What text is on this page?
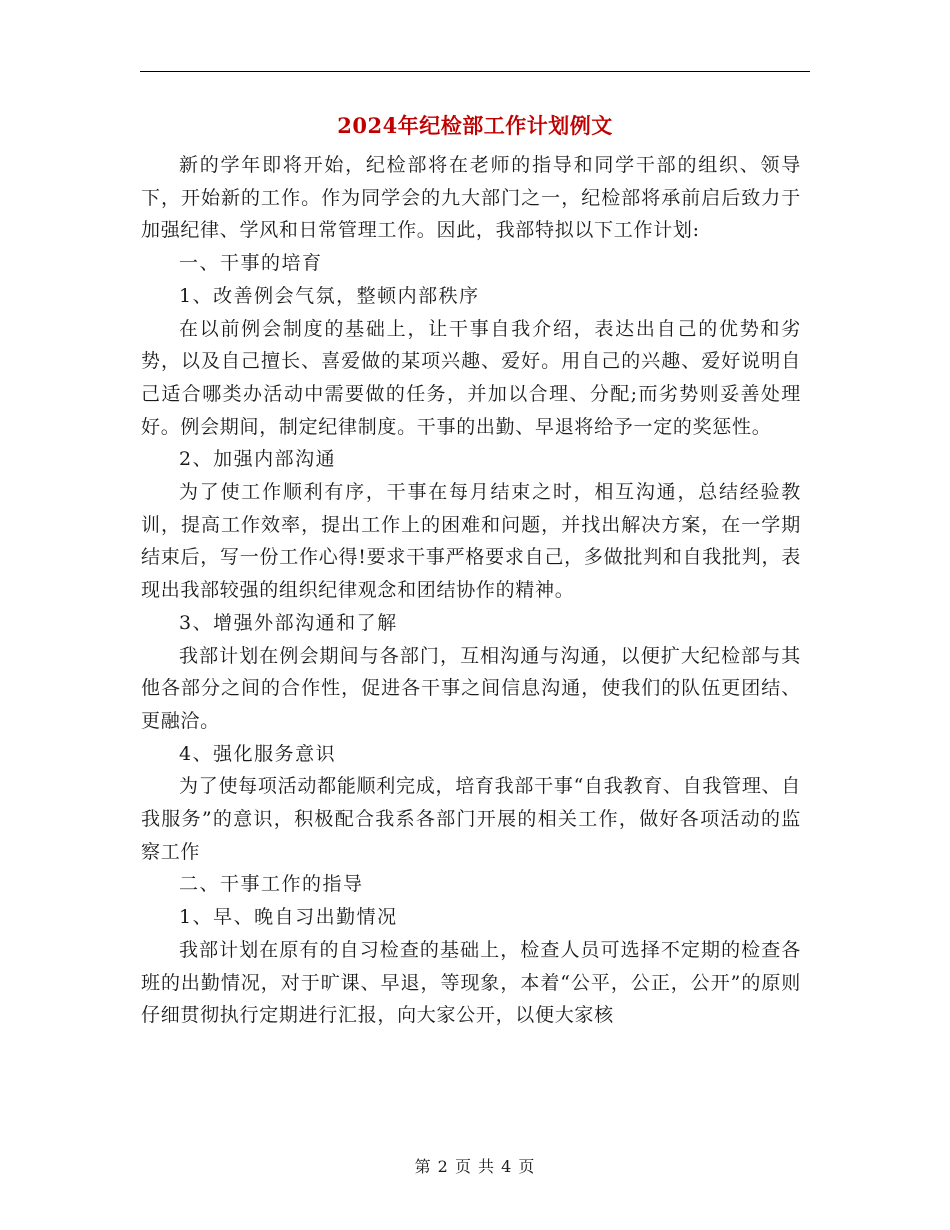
2024年纪检部工作计划例文

新的学年即将开始，纪检部将在老师的指导和同学干部的组织、领导下，开始新的工作。作为同学会的九大部门之一，纪检部将承前启后致力于加强纪律、学风和日常管理工作。因此，我部特拟以下工作计划:

一、干事的培育

1、改善例会气氛，整顿内部秩序

在以前例会制度的基础上，让干事自我介绍，表达出自己的优势和劣势，以及自己擅长、喜爱做的某项兴趣、爱好。用自己的兴趣、爱好说明自己适合哪类办活动中需要做的任务，并加以合理、分配;而劣势则妥善处理好。例会期间，制定纪律制度。干事的出勤、早退将给予一定的奖惩性。

2、加强内部沟通

为了使工作顺利有序，干事在每月结束之时，相互沟通，总结经验教训，提高工作效率，提出工作上的困难和问题，并找出解决方案，在一学期结束后，写一份工作心得!要求干事严格要求自己，多做批判和自我批判，表现出我部较强的组织纪律观念和团结协作的精神。

3、增强外部沟通和了解

我部计划在例会期间与各部门，互相沟通与沟通，以便扩大纪检部与其他各部分之间的合作性，促进各干事之间信息沟通，使我们的队伍更团结、更融洽。

4、强化服务意识

为了使每项活动都能顺利完成，培育我部干事“自我教育、自我管理、自我服务”的意识，积极配合我系各部门开展的相关工作，做好各项活动的监察工作

二、干事工作的指导

1、早、晚自习出勤情况

我部计划在原有的自习检查的基础上，检查人员可选择不定期的检查各班的出勤情况，对于旷课、早退，等现象，本着“公平，公正，公开”的原则仔细贯彻执行定期进行汇报，向大家公开，以便大家核

第 2 页 共 4 页
